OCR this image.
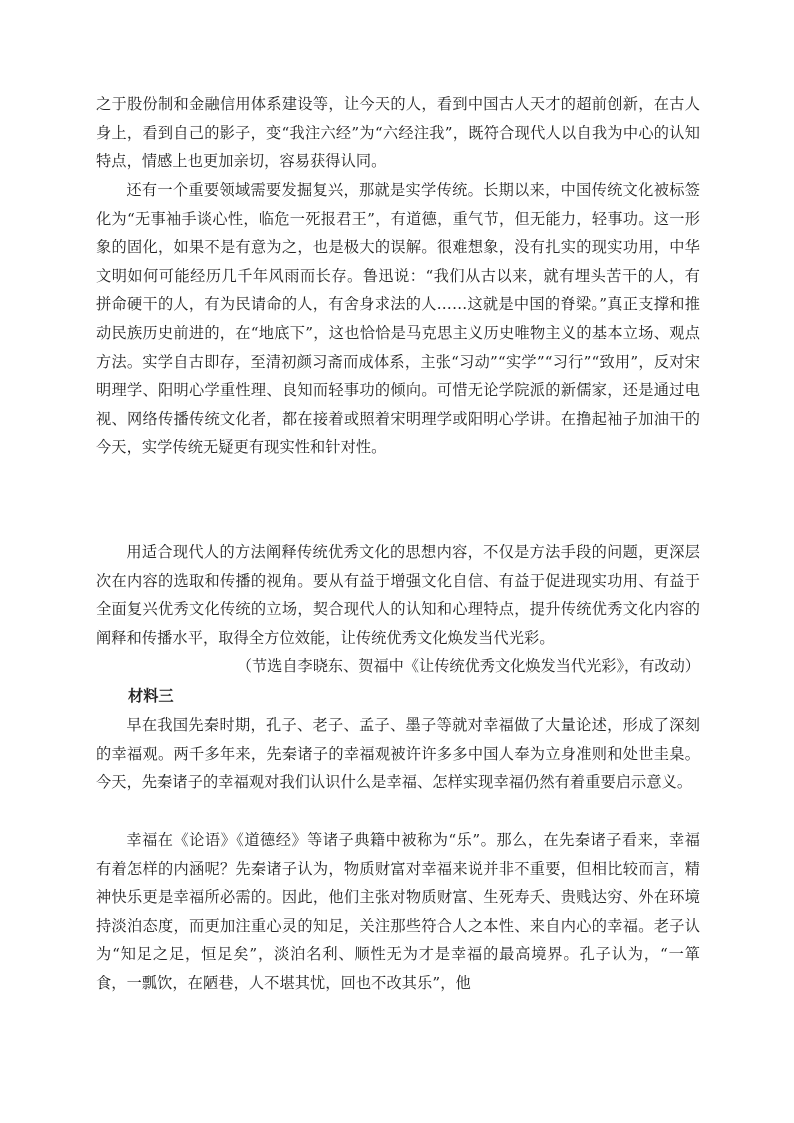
之于股份制和金融信用体系建设等，让今天的人，看到中国古人天才的超前创新，在古人身上，看到自己的影子，变“我注六经”为“六经注我”，既符合现代人以自我为中心的认知特点，情感上也更加亲切，容易获得认同。

还有一个重要领域需要发掘复兴，那就是实学传统。长期以来，中国传统文化被标签化为“无事袖手谈心性，临危一死报君王”，有道德，重气节，但无能力，轻事功。这一形象的固化，如果不是有意为之，也是极大的误解。很难想象，没有扎实的现实功用，中华文明如何可能经历几千年风雨而长存。鲁迅说：“我们从古以来，就有埋头苦干的人，有拼命硬干的人，有为民请命的人，有舍身求法的人……这就是中国的脊梁。”真正支撑和推动民族历史前进的，在“地底下”，这也恰恰是马克思主义历史唯物主义的基本立场、观点方法。实学自古即存，至清初颜习斋而成体系，主张“习动”“实学”“习行”“致用”，反对宋明理学、阳明心学重性理、良知而轻事功的倾向。可惜无论学院派的新儒家，还是通过电视、网络传播传统文化者，都在接着或照着宋明理学或阳明心学讲。在撸起袖子加油干的今天，实学传统无疑更有现实性和针对性。

用适合现代人的方法阐释传统优秀文化的思想内容，不仅是方法手段的问题，更深层次在内容的选取和传播的视角。要从有益于增强文化自信、有益于促进现实功用、有益于全面复兴优秀文化传统的立场，契合现代人的认知和心理特点，提升传统优秀文化内容的阐释和传播水平，取得全方位效能，让传统优秀文化焕发当代光彩。

（节选自李晓东、贺福中《让传统优秀文化焕发当代光彩》，有改动）

材料三

早在我国先秦时期，孔子、老子、孟子、墨子等就对幸福做了大量论述，形成了深刻的幸福观。两千多年来，先秦诸子的幸福观被许许多多中国人奉为立身准则和处世圭臬。今天，先秦诸子的幸福观对我们认识什么是幸福、怎样实现幸福仍然有着重要启示意义。

幸福在《论语》《道德经》等诸子典籍中被称为“乐”。那么，在先秦诸子看来，幸福有着怎样的内涵呢？先秦诸子认为，物质财富对幸福来说并非不重要，但相比较而言，精神快乐更是幸福所必需的。因此，他们主张对物质财富、生死寿夭、贵贱达穷、外在环境持淡泊态度，而更加注重心灵的知足，关注那些符合人之本性、来自内心的幸福。老子认为“知足之足，恒足矣”，淡泊名利、顺性无为才是幸福的最高境界。孔子认为，“一箪食，一瓢饮，在陋巷，人不堪其忧，回也不改其乐”，他
